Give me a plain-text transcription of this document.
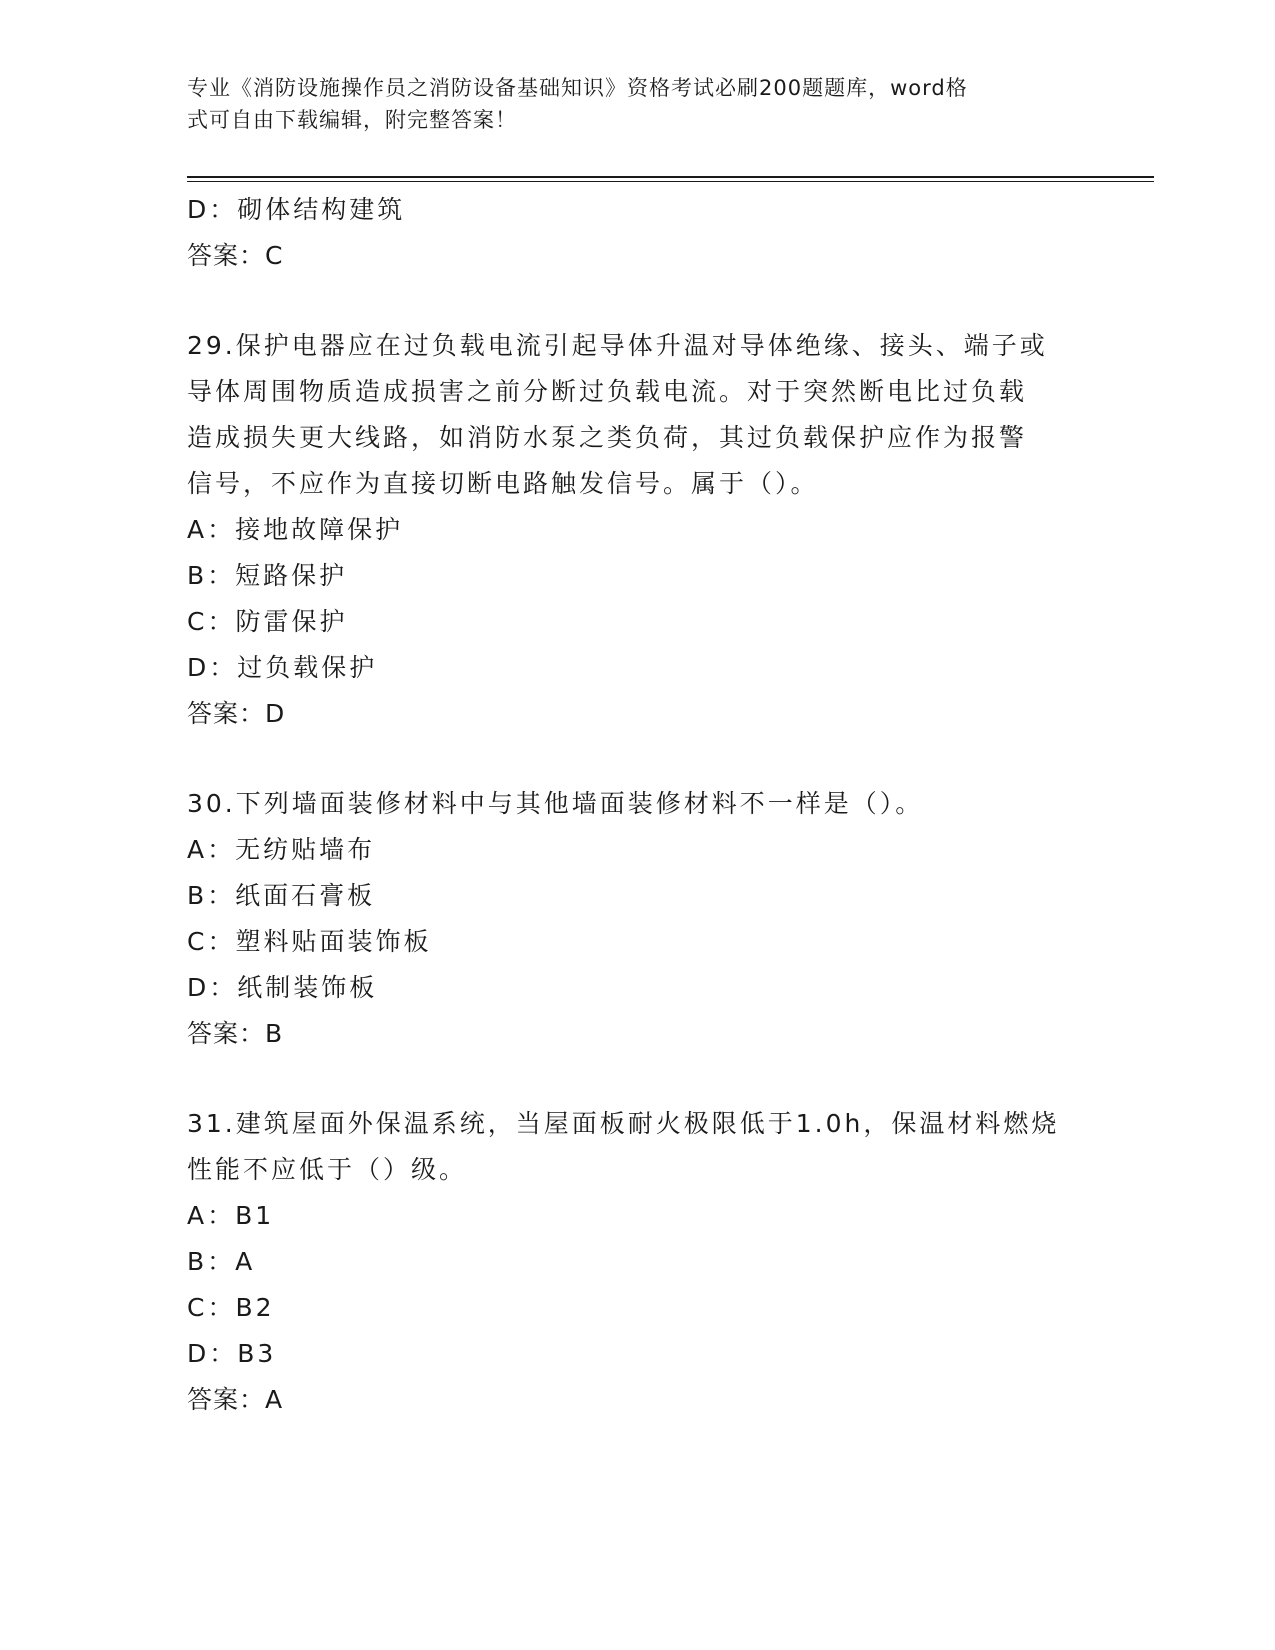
专业《消防设施操作员之消防设备基础知识》资格考试必刷200题题库，word格
式可自由下载编辑，附完整答案！
D：砌体结构建筑
答案：C
29.保护电器应在过负载电流引起导体升温对导体绝缘、接头、端子或
导体周围物质造成损害之前分断过负载电流。对于突然断电比过负载
造成损失更大线路，如消防水泵之类负荷，其过负载保护应作为报警
信号，不应作为直接切断电路触发信号。属于（）。
A：接地故障保护
B：短路保护
C：防雷保护
D：过负载保护
答案：D
30.下列墙面装修材料中与其他墙面装修材料不一样是（）。
A：无纺贴墙布
B：纸面石膏板
C：塑料贴面装饰板
D：纸制装饰板
答案：B
31.建筑屋面外保温系统，当屋面板耐火极限低于1.0h，保温材料燃烧
性能不应低于（）级。
A：B1
B：A
C：B2
D：B3
答案：A
